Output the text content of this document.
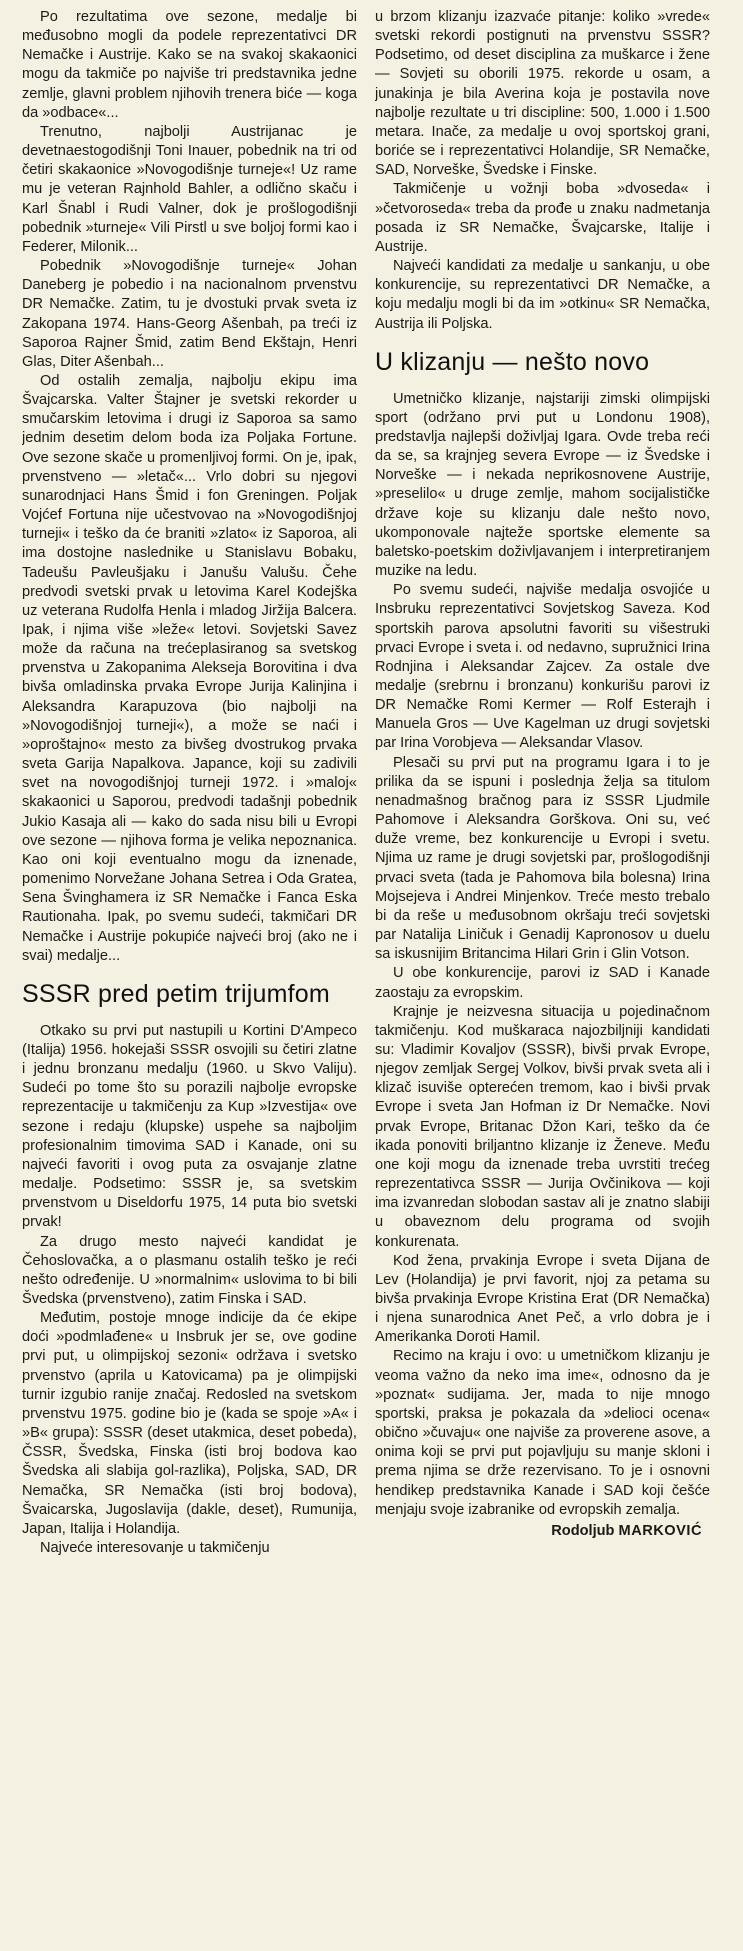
Po rezultatima ove sezone, medalje bi međusobno mogli da podele reprezentativci DR Nemačke i Austrije. Kako se na svakoj skakaonici mogu da takmiče po najviše tri predstavnika jedne zemlje, glavni problem njihovih trenera biće — koga da »odbace«...

Trenutno, najbolji Austrijanac je devetnaestogodišnji Toni Inauer, pobednik na tri od četiri skakaonice »Novogodišnje turneje«! Uz rame mu je veteran Rajnhold Bahler, a odlično skaču i Karl Šnabl i Rudi Valner, dok je prošlogodišnji pobednik »turneje« Vili Pirstl u sve boljoj formi kao i Federer, Milonik...

Pobednik »Novogodišnje turneje« Johan Daneberg je pobedio i na nacionalnom prvenstvu DR Nemačke. Zatim, tu je dvostuki prvak sveta iz Zakopana 1974. Hans-Georg Ašenbah, pa treći iz Saporoa Rajner Šmid, zatim Bend Ekštajn, Henri Glas, Diter Ašenbah...

Od ostalih zemalja, najbolju ekipu ima Švajcarska. Valter Štajner je svetski rekorder u smučarskim letovima i drugi iz Saporoa sa samo jednim desetim delom boda iza Poljaka Fortune. Ove sezone skače u promenljivoj formi. On je, ipak, prvenstveno — »letač«... Vrlo dobri su njegovi sunarodnjaci Hans Šmid i fon Greningen. Poljak Vojćef Fortuna nije učestvovao na »Novogodišnjoj turneji« i teško da će braniti »zlato« iz Saporoa, ali ima dostojne naslednike u Stanislavu Bobaku, Tadeušu Pavleušjaku i Janušu Valušu. Čehe predvodi svetski prvak u letovima Karel Kodejška uz veterana Rudolfa Henla i mladog Jiržija Balcera. Ipak, i njima više »leže« letovi. Sovjetski Savez može da računa na trećeplasiranog sa svetskog prvenstva u Zakopanima Alekseja Borovitina i dva bivša omladinska prvaka Evrope Jurija Kalinjina i Aleksandra Karapuzova (bio najbolji na »Novogodišnjoj turneji«), a može se naći i »oproštajno« mesto za bivšeg dvostrukog prvaka sveta Garija Napalkova. Japance, koji su zadivili svet na novogodišnjoj turneji 1972. i »maloj« skakaonici u Saporou, predvodi tadašnji pobednik Jukio Kasaja ali — kako do sada nisu bili u Evropi ove sezone — njihova forma je velika nepoznanica. Kao oni koji eventualno mogu da iznenade, pomenimo Norvežane Johana Setrea i Oda Gratea, Sena Švinghamera iz SR Nemačke i Fanca Eska Rautionaha. Ipak, po svemu sudeći, takmičari DR Nemačke i Austrije pokupiće najveći broj (ako ne i svai) medalje...

SSSR pred petim trijumfom

Otkako su prvi put nastupili u Kortini D'Ampeco (Italija) 1956. hokejaši SSSR osvojili su četiri zlatne i jednu bronzanu medalju (1960. u Skvo Valiju). Sudeći po tome što su porazili najbolje evropske reprezentacije u takmičenju za Kup »Izvestija« ove sezone i redaju (klupske) uspehe sa najboljim profesionalnim timovima SAD i Kanade, oni su najveći favoriti i ovog puta za osvajanje zlatne medalje. Podsetimo: SSSR je, sa svetskim prvenstvom u Diseldorfu 1975, 14 puta bio svetski prvak!

Za drugo mesto najveći kandidat je Čehoslovačka, a o plasmanu ostalih teško je reći nešto određenije. U »normalnim« uslovima to bi bili Švedska (prvenstveno), zatim Finska i SAD.

Međutim, postoje mnoge indicije da će ekipe doći »podmlađene« u Insbruk jer se, ove godine prvi put, u olimpijskoj sezoni« održava i svetsko prvenstvo (aprila u Katovicama) pa je olimpijski turnir izgubio ranije značaj. Redosled na svetskom prvenstvu 1975. godine bio je (kada se spoje »A« i »B« grupa): SSSR (deset utakmica, deset pobeda), ČSSR, Švedska, Finska (isti broj bodova kao Švedska ali slabija gol-razlika), Poljska, SAD, DR Nemačka, SR Nemačka (isti broj bodova), Švaicarska, Jugoslavija (dakle, deset), Rumunija, Japan, Italija i Holandija.

Najveće interesovanje u takmičenju

u brzom klizanju izazvaće pitanje: koliko »vrede« svetski rekordi postignuti na prvenstvu SSSR? Podsetimo, od deset disciplina za muškarce i žene — Sovjeti su oborili 1975. rekorde u osam, a junakinja je bila Averina koja je postavila nove najbolje rezultate u tri discipline: 500, 1.000 i 1.500 metara. Inače, za medalje u ovoj sportskoj grani, boriće se i reprezentativci Holandije, SR Nemačke, SAD, Norveške, Švedske i Finske.

Takmičenje u vožnji boba »dvoseda« i »četvoroseda« treba da prođe u znaku nadmetanja posada iz SR Nemačke, Švajcarske, Italije i Austrije.

Najveći kandidati za medalje u sankanju, u obe konkurencije, su reprezentativci DR Nemačke, a koju medalju mogli bi da im »otkinu« SR Nemačka, Austrija ili Poljska.

U klizanju — nešto novo

Umetničko klizanje, najstariji zimski olimpijski sport (održano prvi put u Londonu 1908), predstavlja najlepši doživljaj Igara. Ovde treba reći da se, sa krajnjeg severa Evrope — iz Švedske i Norveške — i nekada neprikosnovene Austrije, »preselilo« u druge zemlje, mahom socijalističke države koje su klizanju dale nešto novo, ukomponovale najteže sportske elemente sa baletsko-poetskim doživljavanjem i interpretiranjem muzike na ledu.

Po svemu sudeći, najviše medalja osvojiće u Insbruku reprezentativci Sovjetskog Saveza. Kod sportskih parova apsolutni favoriti su višestruki prvaci Evrope i sveta i. od nedavno, supružnici Irina Rodnjina i Aleksandar Zajcev. Za ostale dve medalje (srebrnu i bronzanu) konkurišu parovi iz DR Nemačke Romi Kermer — Rolf Esterajh i Manuela Gros — Uve Kagelman uz drugi sovjetski par Irina Vorobjeva — Aleksandar Vlasov.

Plesači su prvi put na programu Igara i to je prilika da se ispuni i poslednja želja sa titulom nenadmašnog bračnog para iz SSSR Ljudmile Pahomove i Aleksandra Gorškova. Oni su, već duže vreme, bez konkurencije u Evropi i svetu. Njima uz rame je drugi sovjetski par, prošlogodišnji prvaci sveta (tada je Pahomova bila bolesna) Irina Mojsejeva i Andrei Minjenkov. Treće mesto trebalo bi da reše u međusobnom okršaju treći sovjetski par Natalija Liničuk i Genadij Kapronosov u duelu sa iskusnijim Britancima Hilari Grin i Glin Votson.

U obe konkurencije, parovi iz SAD i Kanade zaostaju za evropskim.

Krajnje je neizvesna situacija u pojedinačnom takmičenju. Kod muškarаca najozbiljniji kandidati su: Vladimir Kovaljov (SSSR), bivši prvak Evrope, njegov zemljak Sergej Volkov, bivši prvak sveta ali i klizač isuviše opterećen tremom, kao i bivši prvak Evrope i sveta Jan Hofman iz Dr Nemačke. Novi prvak Evrope, Britanac Džon Kari, teško da će ikada ponoviti briljantno klizanje iz Ženeve. Među one koji mogu da iznenade treba uvrstiti trećeg reprezentativca SSSR — Jurija Ovčinikova — koji ima izvanredan slobodan sastav ali je znatno slabiji u obaveznom delu programa od svojih konkurenata.

Kod žena, prvakinja Evrope i sveta Dijana de Lev (Holandija) je prvi favorit, njoj za petama su bivša prvakinja Evrope Kristina Erat (DR Nemačka) i njena sunarodnica Anet Peč, a vrlo dobra je i Amerikanka Doroti Hamil.

Recimo na kraju i ovo: u umetničkom klizanju je veoma važno da neko ima ime«, odnosno da je »poznat« sudijama. Jer, mada to nije mnogo sportski, praksa je pokazala da »delioci ocena« obično »čuvaju« one najviše za proverene asove, a onima koji se prvi put pojavljuju su manje skloni i prema njima se drže rezervisano. To je i osnovni hendikep predstavnika Kanade i SAD koji češće menjaju svoje izabranike od evropskih zemalja.

Rodoljub MARKOVIĆ
